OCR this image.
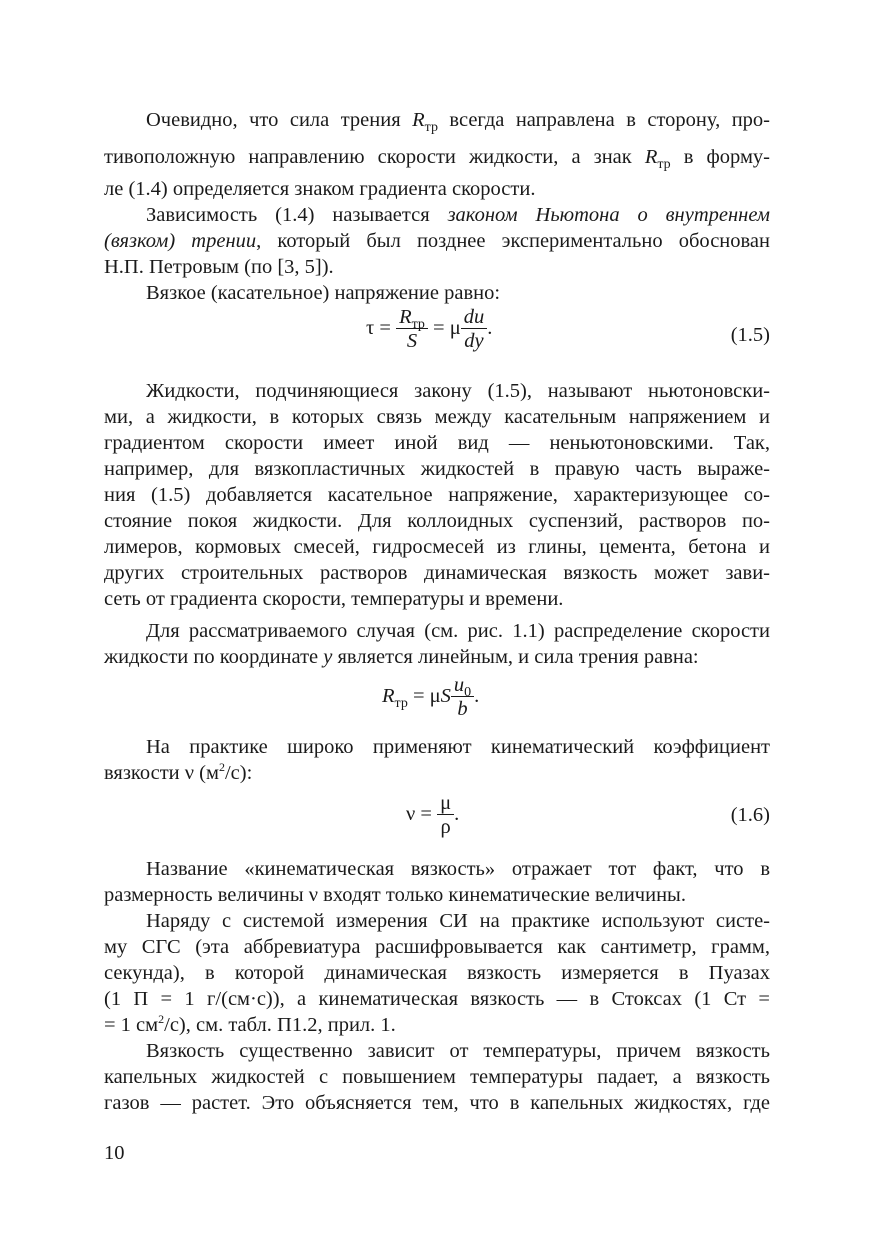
Очевидно, что сила трения $R_{тр}$ всегда направлена в сторону, про-
тивоположную направлению скорости жидкости, а знак $R_{тр}$ в форму-
ле (1.4) определяется знаком градиента скорости.
Зависимость (1.4) называется законом Ньютона о внутреннем
(вязком) трении, который был позднее экспериментально обоснован
Н.П. Петровым (по [3, 5]).
Вязкое (касательное) напряжение равно:
$\tau = \frac{R_{тр}}{S} = \mu \frac{du}{dy}$ .	(1.5)
Жидкости, подчиняющиеся закону (1.5), называют ньютоновски-
ми, а жидкости, в которых связь между касательным напряжением и
градиентом скорости имеет иной вид — неньютоновскими. Так,
например, для вязкопластичных жидкостей в правую часть выраже-
ния (1.5) добавляется касательное напряжение, характеризующее со-
стояние покоя жидкости. Для коллоидных суспензий, растворов по-
лимеров, кормовых смесей, гидросмесей из глины, цемента, бетона и
других строительных растворов динамическая вязкость может зави-
сеть от градиента скорости, температуры и времени.
Для рассматриваемого случая (см. рис. 1.1) распределение скорости
жидкости по координате y является линейным, и сила трения равна:
$R_{тр} = \mu S \frac{u_0}{b}$ .
На практике широко применяют кинематический коэффициент
вязкости ν $(м^2/с)$:
$\nu = \frac{\mu}{\rho}$ .	(1.6)
Название «кинематическая вязкость» отражает тот факт, что в
размерность величины ν входят только кинематические величины.
Наряду с системой измерения СИ на практике используют систе-
му СГС (эта аббревиатура расшифровывается как сантиметр, грамм,
секунда), в которой динамическая вязкость измеряется в Пуазах
(1 П = 1 г/(см·с)), а кинематическая вязкость — в Стоксах (1 Ст =
= 1 $см^2/с$), см. табл. П1.2, прил. 1.
Вязкость существенно зависит от температуры, причем вязкость
капельных жидкостей с повышением температуры падает, а вязкость
газов — растет. Это объясняется тем, что в капельных жидкостях, где
10
